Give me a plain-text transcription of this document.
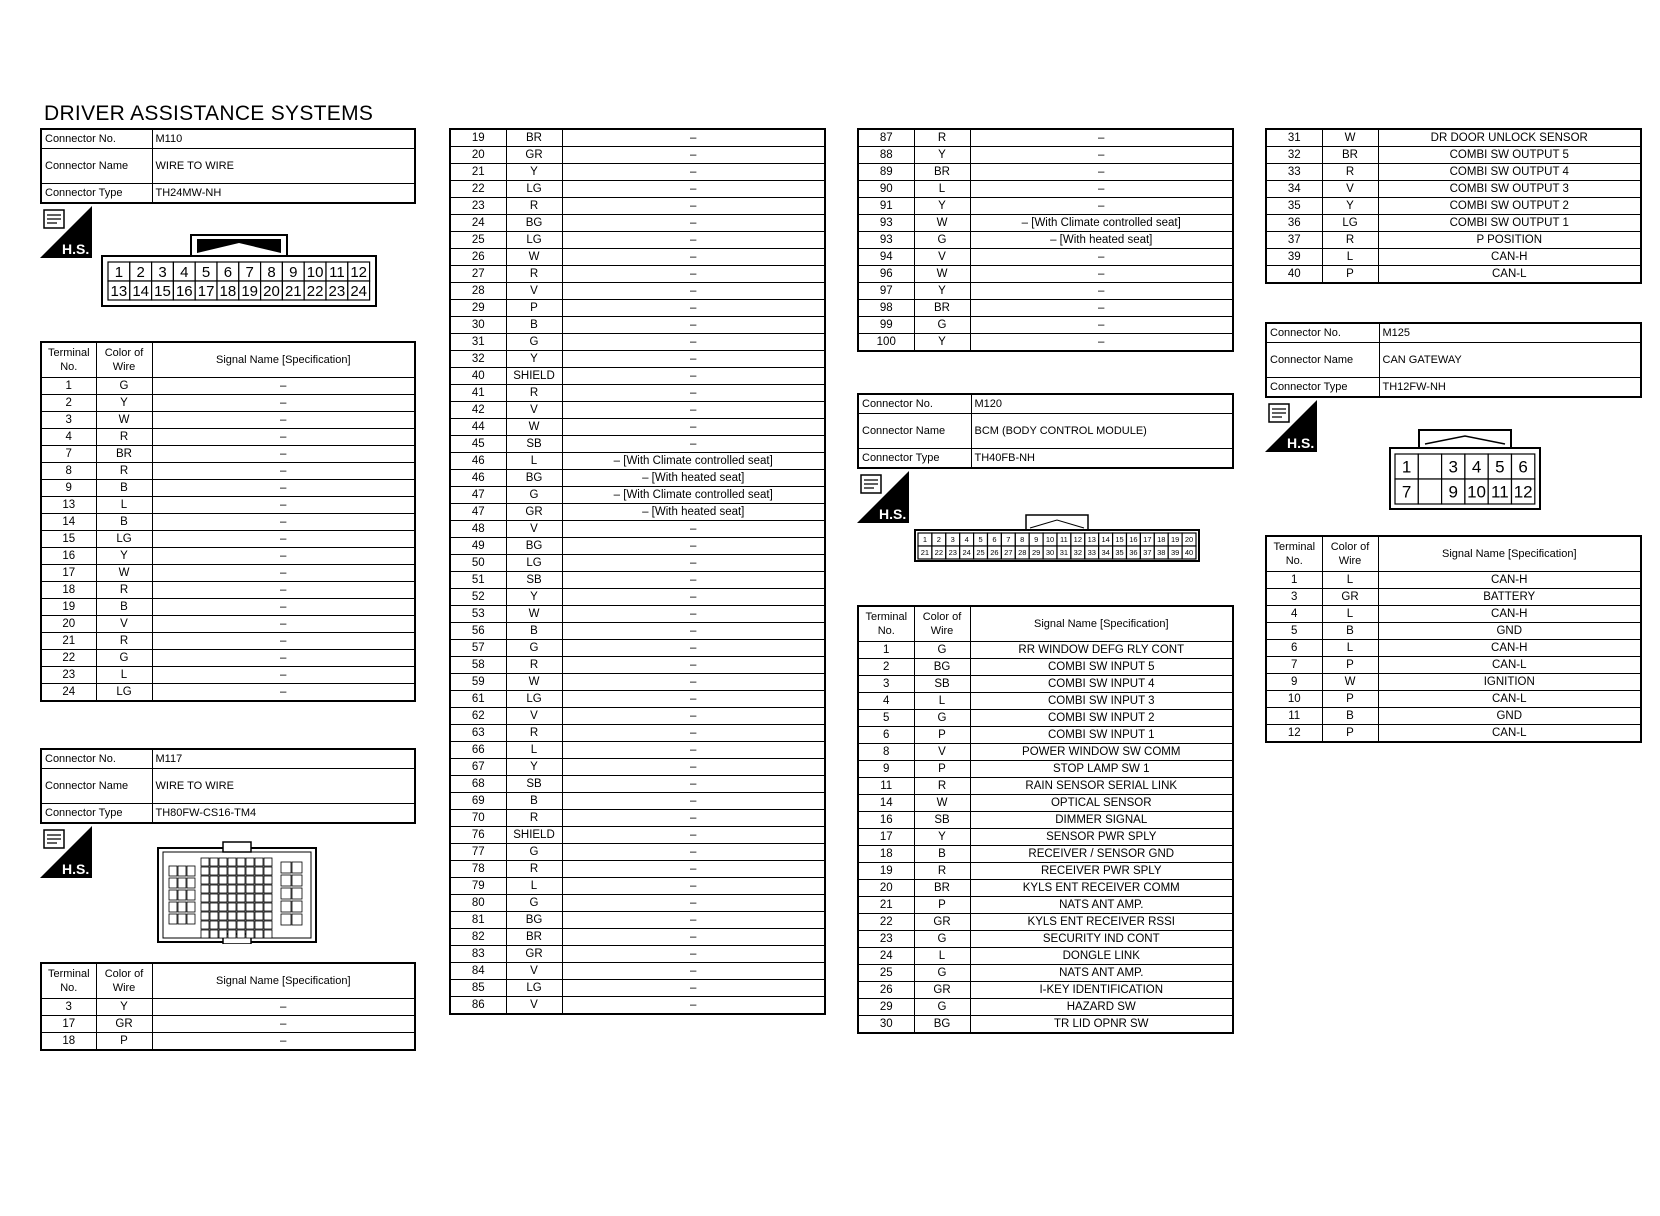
DRIVER ASSISTANCE SYSTEMS
Connector No.	M110
Connector Name	WIRE TO WIRE
Connector Type	TH24MW-NH
H.S.
1 2 3 4 5 6 7 8 9 10 11 12
13 14 15 16 17 18 19 20 21 22 23 24
Terminal No.	Color of Wire	Signal Name [Specification]
1	G	–
2	Y	–
3	W	–
4	R	–
7	BR	–
8	R	–
9	B	–
13	L	–
14	B	–
15	LG	–
16	Y	–
17	W	–
18	R	–
19	B	–
20	V	–
21	R	–
22	G	–
23	L	–
24	LG	–
Connector No.	M117
Connector Name	WIRE TO WIRE
Connector Type	TH80FW-CS16-TM4
H.S.
Terminal No.	Color of Wire	Signal Name [Specification]
3	Y	–
17	GR	–
18	P	–
19	BR	–
20	GR	–
21	Y	–
22	LG	–
23	R	–
24	BG	–
25	LG	–
26	W	–
27	R	–
28	V	–
29	P	–
30	B	–
31	G	–
32	Y	–
40	SHIELD	–
41	R	–
42	V	–
44	W	–
45	SB	–
46	L	– [With Climate controlled seat]
46	BG	– [With heated seat]
47	G	– [With Climate controlled seat]
47	GR	– [With heated seat]
48	V	–
49	BG	–
50	LG	–
51	SB	–
52	Y	–
53	W	–
56	B	–
57	G	–
58	R	–
59	W	–
61	LG	–
62	V	–
63	R	–
66	L	–
67	Y	–
68	SB	–
69	B	–
70	R	–
76	SHIELD	–
77	G	–
78	R	–
79	L	–
80	G	–
81	BG	–
82	BR	–
83	GR	–
84	V	–
85	LG	–
86	V	–
87	R	–
88	Y	–
89	BR	–
90	L	–
91	Y	–
93	W	– [With Climate controlled seat]
93	G	– [With heated seat]
94	V	–
96	W	–
97	Y	–
98	BR	–
99	G	–
100	Y	–
Connector No.	M120
Connector Name	BCM (BODY CONTROL MODULE)
Connector Type	TH40FB-NH
H.S.
1 2 3 4 5 6 7 8 9 10 11 12 13 14 15 16 17 18 19 20
21 22 23 24 25 26 27 28 29 30 31 32 33 34 35 36 37 38 39 40
Terminal No.	Color of Wire	Signal Name [Specification]
1	G	RR WINDOW DEFG RLY CONT
2	BG	COMBI SW INPUT 5
3	SB	COMBI SW INPUT 4
4	L	COMBI SW INPUT 3
5	G	COMBI SW INPUT 2
6	P	COMBI SW INPUT 1
8	V	POWER WINDOW SW COMM
9	P	STOP LAMP SW 1
11	R	RAIN SENSOR SERIAL LINK
14	W	OPTICAL SENSOR
16	SB	DIMMER SIGNAL
17	Y	SENSOR PWR SPLY
18	B	RECEIVER / SENSOR GND
19	R	RECEIVER PWR SPLY
20	BR	KYLS ENT RECEIVER COMM
21	P	NATS ANT AMP.
22	GR	KYLS ENT RECEIVER RSSI
23	G	SECURITY IND CONT
24	L	DONGLE LINK
25	G	NATS ANT AMP.
26	GR	I-KEY IDENTIFICATION
29	G	HAZARD SW
30	BG	TR LID OPNR SW
31	W	DR DOOR UNLOCK SENSOR
32	BR	COMBI SW OUTPUT 5
33	R	COMBI SW OUTPUT 4
34	V	COMBI SW OUTPUT 3
35	Y	COMBI SW OUTPUT 2
36	LG	COMBI SW OUTPUT 1
37	R	P POSITION
39	L	CAN-H
40	P	CAN-L
Connector No.	M125
Connector Name	CAN GATEWAY
Connector Type	TH12FW-NH
H.S.
1 3 4 5 6
7 9 10 11 12
Terminal No.	Color of Wire	Signal Name [Specification]
1	L	CAN-H
3	GR	BATTERY
4	L	CAN-H
5	B	GND
6	L	CAN-H
7	P	CAN-L
9	W	IGNITION
10	P	CAN-L
11	B	GND
12	P	CAN-L
